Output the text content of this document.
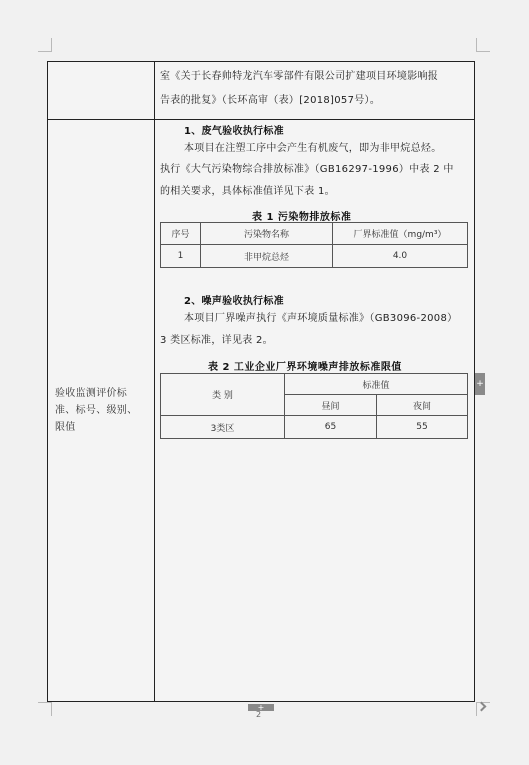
室《关于长春帅特龙汽车零部件有限公司扩建项目环境影响报
告表的批复》（长环高审（表）[2018]057号）。
验收监测评价标
准、标号、级别、
限值
1、废气验收执行标准
本项目在注塑工序中会产生有机废气，即为非甲烷总烃。
执行《大气污染物综合排放标准》（GB16297-1996）中表 2 中
的相关要求，具体标准值详见下表 1。
表 1 污染物排放标准
序号	污染物名称	厂界标准值（mg/m³）
1	非甲烷总烃	4.0
2、噪声验收执行标准
本项目厂界噪声执行《声环境质量标准》（GB3096-2008）
3 类区标准，详见表 2。
表 2 工业企业厂界环境噪声排放标准限值
类 别	标准值	
	昼间	夜间
3类区	65	55
+
2
+
